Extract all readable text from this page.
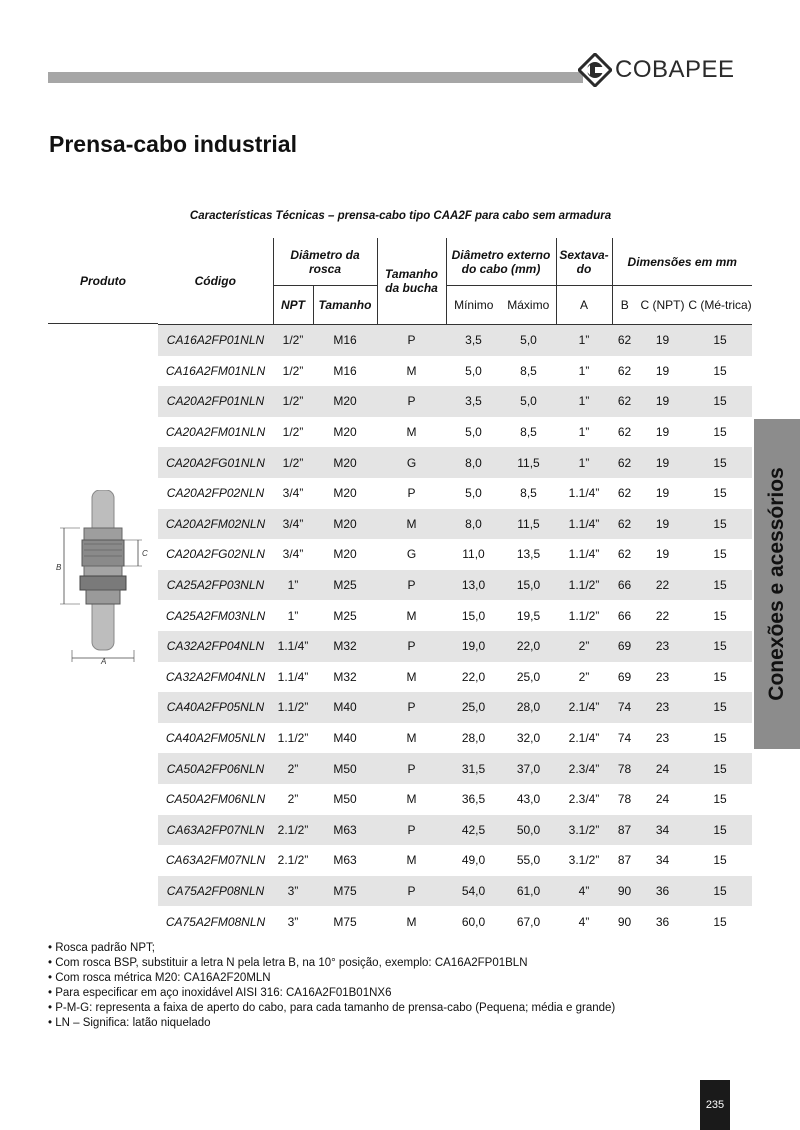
COBAPEE
Prensa-cabo industrial
Características Técnicas – prensa-cabo tipo CAA2F para cabo sem armadura
Produto
B
C
A
Código	Diâmetro da rosca		Tamanho da bucha	Diâmetro externo do cabo (mm)		Sextava-do	Dimensões em mm		
	NPT	Tamanho		Mínimo	Máximo	A	B	C (NPT)	C (Mé-trica)
CA16A2FP01NLN	1/2”	M16	P	3,5	5,0	1”	62	19	15
CA16A2FM01NLN	1/2”	M16	M	5,0	8,5	1”	62	19	15
CA20A2FP01NLN	1/2”	M20	P	3,5	5,0	1”	62	19	15
CA20A2FM01NLN	1/2”	M20	M	5,0	8,5	1”	62	19	15
CA20A2FG01NLN	1/2”	M20	G	8,0	11,5	1”	62	19	15
CA20A2FP02NLN	3/4”	M20	P	5,0	8,5	1.1/4”	62	19	15
CA20A2FM02NLN	3/4”	M20	M	8,0	11,5	1.1/4”	62	19	15
CA20A2FG02NLN	3/4”	M20	G	11,0	13,5	1.1/4”	62	19	15
CA25A2FP03NLN	1”	M25	P	13,0	15,0	1.1/2”	66	22	15
CA25A2FM03NLN	1”	M25	M	15,0	19,5	1.1/2”	66	22	15
CA32A2FP04NLN	1.1/4”	M32	P	19,0	22,0	2”	69	23	15
CA32A2FM04NLN	1.1/4”	M32	M	22,0	25,0	2”	69	23	15
CA40A2FP05NLN	1.1/2”	M40	P	25,0	28,0	2.1/4”	74	23	15
CA40A2FM05NLN	1.1/2”	M40	M	28,0	32,0	2.1/4”	74	23	15
CA50A2FP06NLN	2”	M50	P	31,5	37,0	2.3/4”	78	24	15
CA50A2FM06NLN	2”	M50	M	36,5	43,0	2.3/4”	78	24	15
CA63A2FP07NLN	2.1/2”	M63	P	42,5	50,0	3.1/2”	87	34	15
CA63A2FM07NLN	2.1/2”	M63	M	49,0	55,0	3.1/2”	87	34	15
CA75A2FP08NLN	3”	M75	P	54,0	61,0	4”	90	36	15
CA75A2FM08NLN	3”	M75	M	60,0	67,0	4”	90	36	15
• Rosca padrão NPT;
• Com rosca BSP, substituir a letra N pela letra B, na 10° posição, exemplo: CA16A2FP01BLN
• Com rosca métrica M20: CA16A2F20MLN
• Para especificar em aço inoxidável AISI 316: CA16A2F01B01NX6
• P-M-G: representa a faixa de aperto do cabo, para cada tamanho de prensa-cabo (Pequena; média e grande)
• LN – Significa: latão niquelado
Conexões e acessórios
235
